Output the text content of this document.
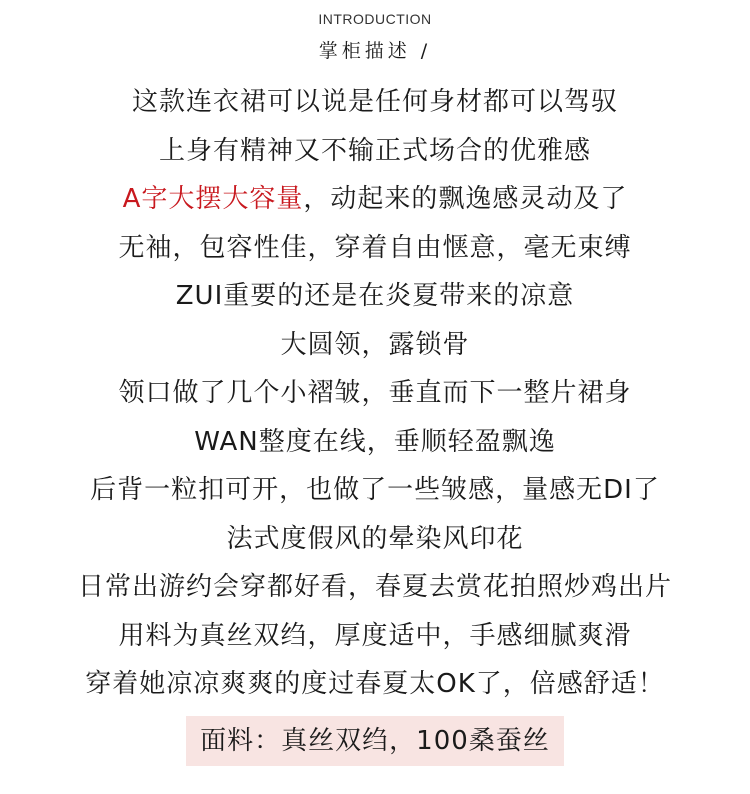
INTRODUCTION
掌柜描述 /
这款连衣裙可以说是任何身材都可以驾驭
上身有精神又不输正式场合的优雅感
A字大摆大容量，动起来的飘逸感灵动及了
无袖，包容性佳，穿着自由惬意，毫无束缚
ZUI重要的还是在炎夏带来的凉意
大圆领，露锁骨
领口做了几个小褶皱，垂直而下一整片裙身
WAN整度在线，垂顺轻盈飘逸
后背一粒扣可开，也做了一些皱感，量感无DI了
法式度假风的晕染风印花
日常出游约会穿都好看，春夏去赏花拍照炒鸡出片
用料为真丝双绉，厚度适中，手感细腻爽滑
穿着她凉凉爽爽的度过春夏太OK了，倍感舒适！
面料：真丝双绉，100桑蚕丝
